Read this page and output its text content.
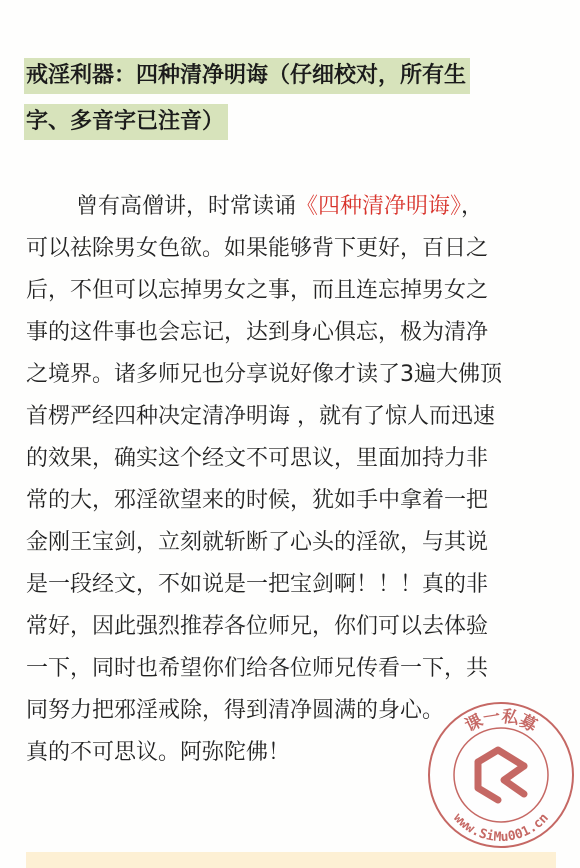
戒淫利器：四种清净明诲（仔细校对，所有生
字、多音字已注音）
曾有高僧讲，时常读诵《四种清净明诲》，
可以祛除男女色欲。如果能够背下更好，百日之
后，不但可以忘掉男女之事，而且连忘掉男女之
事的这件事也会忘记，达到身心俱忘，极为清净
之境界。诸多师兄也分享说好像才读了3遍大佛顶
首楞严经四种决定清净明诲 ，就有了惊人而迅速
的效果，确实这个经文不可思议，里面加持力非
常的大，邪淫欲望来的时候，犹如手中拿着一把
金刚王宝剑，立刻就斩断了心头的淫欲，与其说
是一段经文，不如说是一把宝剑啊！！！真的非
常好，因此强烈推荐各位师兄，你们可以去体验
一下，同时也希望你们给各位师兄传看一下，共
同努力把邪淫戒除，得到清净圆满的身心。
真的不可思议。阿弥陀佛！
课一私募
www.SiMu001.cn
